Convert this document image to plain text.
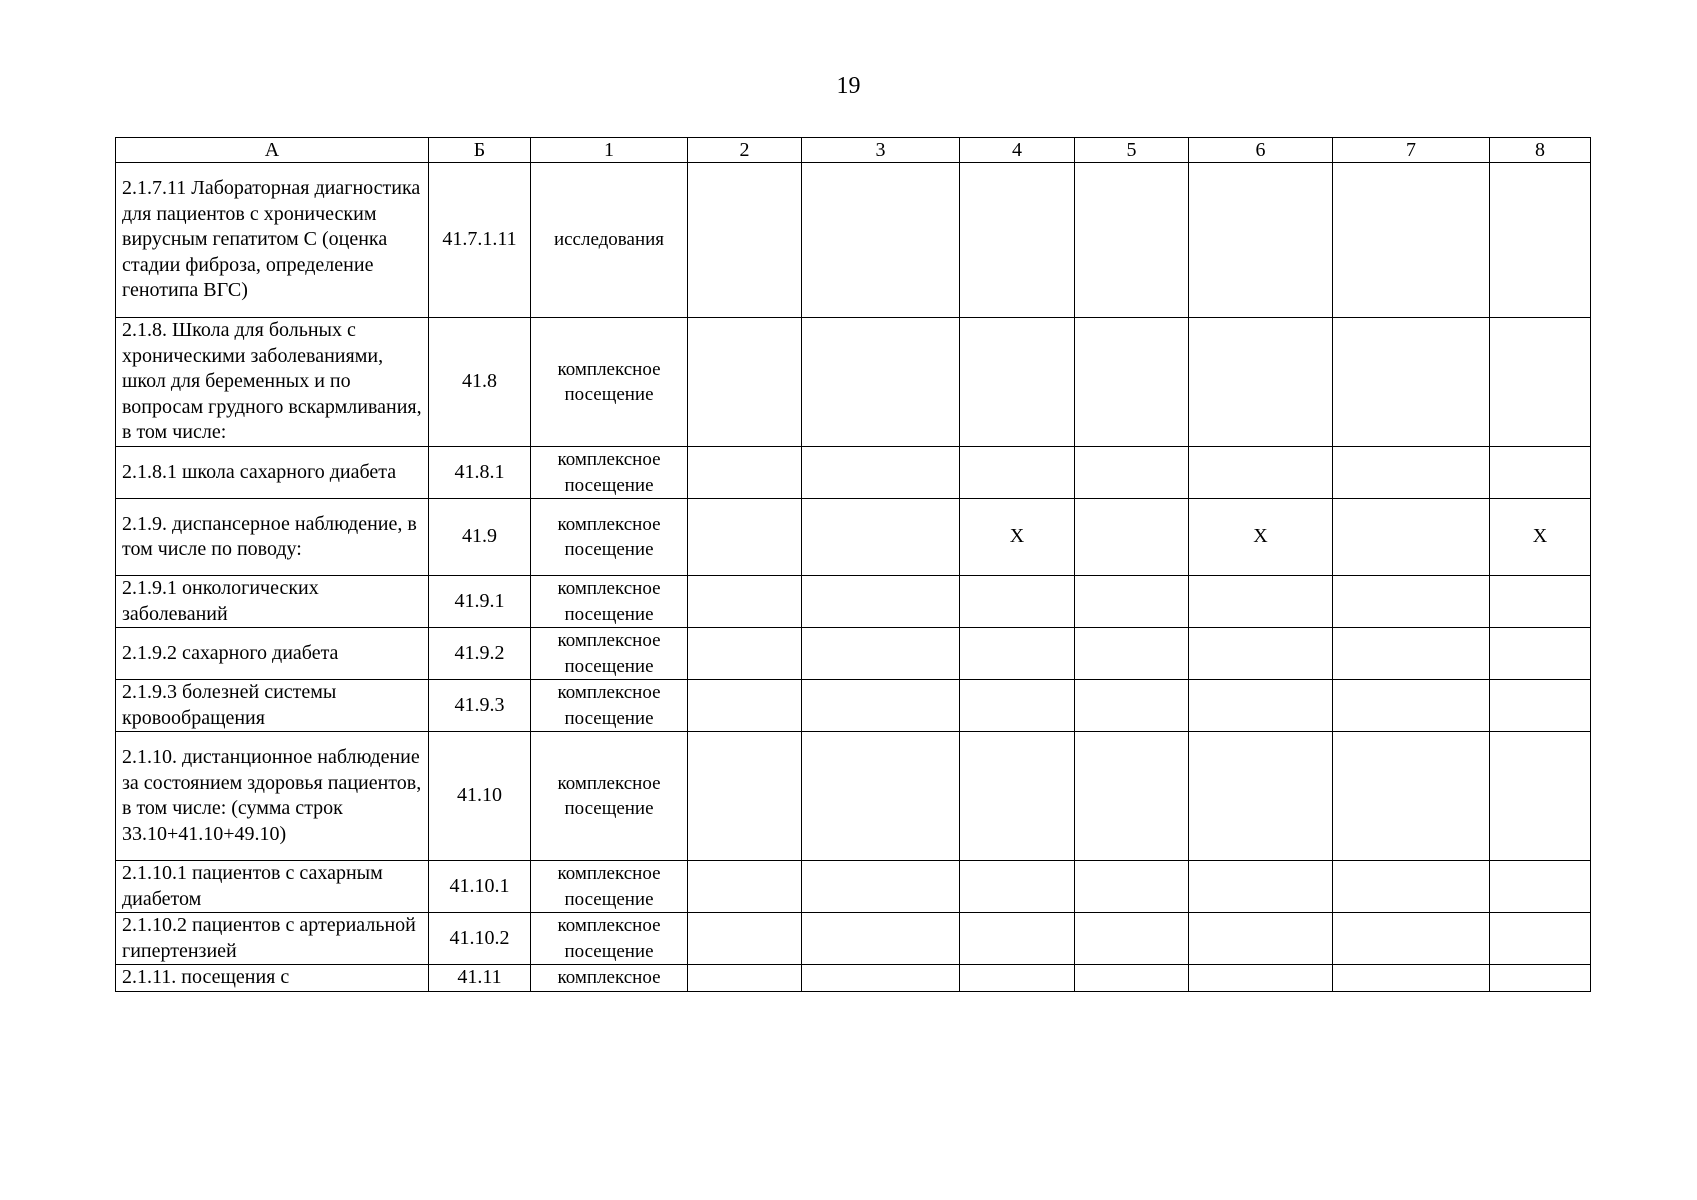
19
А	Б	1	2	3	4	5	6	7	8
2.1.7.11 Лабораторная диагностика для пациентов с хроническим вирусным гепатитом С (оценка стадии фиброза, определение генотипа ВГС)	41.7.1.11	исследования							
2.1.8. Школа для больных с хроническими заболеваниями, школ для беременных и по вопросам грудного вскармливания, в том числе:	41.8	комплексное посещение							
2.1.8.1 школа сахарного диабета	41.8.1	комплексное посещение							
2.1.9. диспансерное наблюдение, в том числе по поводу:	41.9	комплексное посещение			Х		Х		Х
2.1.9.1 онкологических заболеваний	41.9.1	комплексное посещение							
2.1.9.2 сахарного диабета	41.9.2	комплексное посещение							
2.1.9.3 болезней системы кровообращения	41.9.3	комплексное посещение							
2.1.10. дистанционное наблюдение за состоянием здоровья пациентов, в том числе: (сумма строк 33.10+41.10+49.10)	41.10	комплексное посещение							
2.1.10.1 пациентов с сахарным диабетом	41.10.1	комплексное посещение							
2.1.10.2 пациентов с артериальной гипертензией	41.10.2	комплексное посещение							
2.1.11. посещения с	41.11	комплексное							
